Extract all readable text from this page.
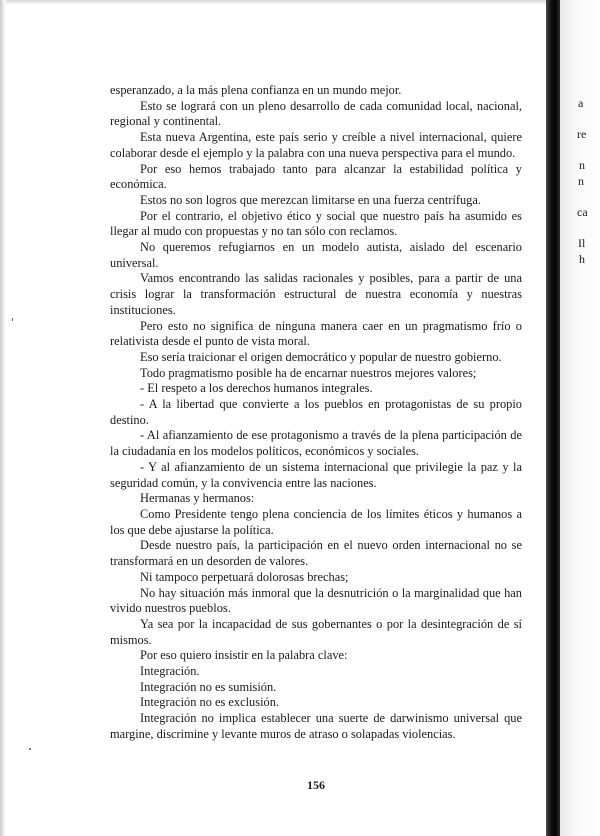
esperanzado, a la más plena confianza en un mundo mejor.

Esto se logrará con un pleno desarrollo de cada comunidad local, nacional, regional y continental.

Esta nueva Argentina, este país serio y creíble a nivel internacional, quiere colaborar desde el ejemplo y la palabra con una nueva perspectiva para el mundo.

Por eso hemos trabajado tanto para alcanzar la estabilidad política y económica.

Estos no son logros que merezcan limitarse en una fuerza centrífuga.

Por el contrario, el objetivo ético y social que nuestro país ha asumido es llegar al mudo con propuestas y no tan sólo con reclamos.

No queremos refugiarnos en un modelo autista, aislado del escenario universal.

Vamos encontrando las salidas racionales y posibles, para a partir de una crisis lograr la transformación estructural de nuestra economía y nuestras instituciones.

Pero esto no significa de ninguna manera caer en un pragmatismo frío o relativista desde el punto de vista moral.

Eso sería traicionar el origen democrático y popular de nuestro gobierno.

Todo pragmatismo posible ha de encarnar nuestros mejores valores;

- El respeto a los derechos humanos integrales.

- A la libertad que convierte a los pueblos en protagonistas de su propio destino.

- Al afianzamiento de ese protagonismo a través de la plena participación de la ciudadanía en los modelos políticos, económicos y sociales.

- Y al afianzamiento de un sistema internacional que privilegie la paz y la seguridad común, y la convivencia entre las naciones.

Hermanas y hermanos:

Como Presidente tengo plena conciencia de los límites éticos y humanos a los que debe ajustarse la política.

Desde nuestro país, la participación en el nuevo orden internacional no se transformará en un desorden de valores.

Ni tampoco perpetuará dolorosas brechas;

No hay situación más inmoral que la desnutrición o la marginalidad que han vivido nuestros pueblos.

Ya sea por la incapacidad de sus gobernantes o por la desintegración de sí mismos.

Por eso quiero insistir en la palabra clave:

Integración.

Integración no es sumisión.

Integración no es exclusión.

Integración no implica establecer una suerte de darwinismo universal que margine, discrimine y levante muros de atraso o solapadas violencias.

156
a
re
n
n
ca
Il
h
